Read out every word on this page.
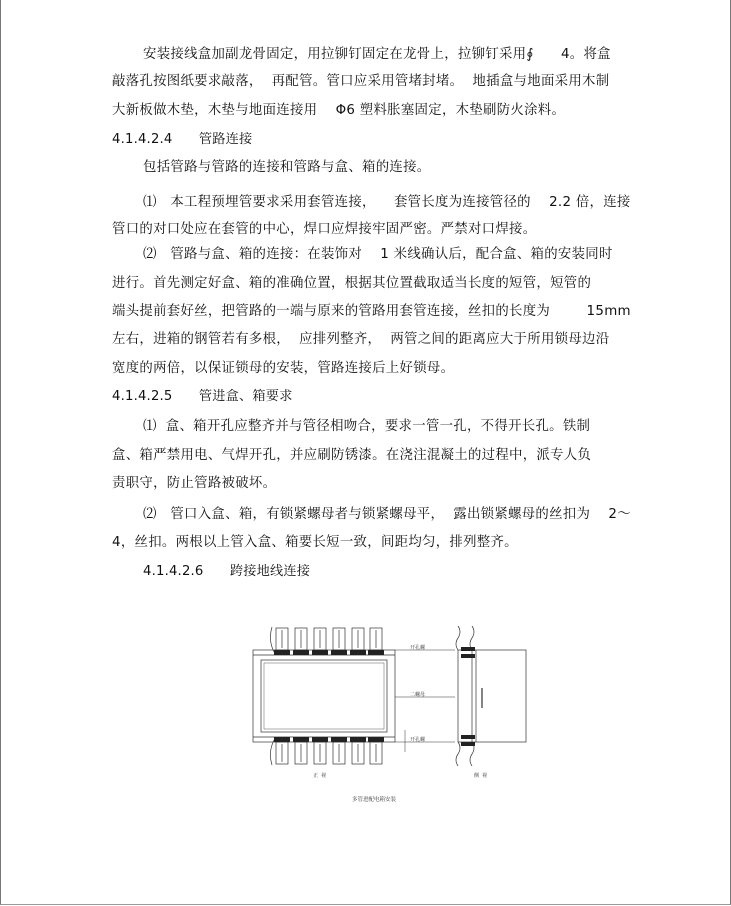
安装接线盒加副龙骨固定，用拉铆钉固定在龙骨上，拉铆钉采用∮      4。将盒
敲落孔按图纸要求敲落，  再配管。管口应采用管堵封堵。  地插盒与地面采用木制
大新板做木垫，木垫与地面连接用    Φ6 塑料胀塞固定，木垫刷防火涂料。
4.1.4.2.4      管路连接
包括管路与管路的连接和管路与盒、箱的连接。
⑴   本工程预埋管要求采用套管连接，    套管长度为连接管径的    2.2 倍，连接
管口的对口处应在套管的中心，焊口应焊接牢固严密。严禁对口焊接。
⑵   管路与盒、箱的连接：在装饰对    1 米线确认后，配合盒、箱的安装同时
进行。首先测定好盒、箱的准确位置，根据其位置截取适当长度的短管，短管的
端头提前套好丝，把管路的一端与原来的管路用套管连接，丝扣的长度为        15mm
左右，进箱的钢管若有多根，  应排列整齐，  两管之间的距离应大于所用锁母边沿
宽度的两倍，以保证锁母的安装，管路连接后上好锁母。
4.1.4.2.5      管进盒、箱要求
⑴  盒、箱开孔应整齐并与管径相吻合，要求一管一孔，不得开长孔。铁制
盒、箱严禁用电、气焊开孔，并应刷防锈漆。在浇注混凝土的过程中，派专人负
责职守，防止管路被破坏。
⑵   管口入盒、箱，有锁紧螺母者与锁紧螺母平，  露出锁紧螺母的丝扣为    2～
4，丝扣。两根以上管入盒、箱要长短一致，间距均匀，排列整齐。
4.1.4.2.6      跨接地线连接
开孔螺
二螺母
开孔螺
正  视	侧  视
多管进配电箱安装
